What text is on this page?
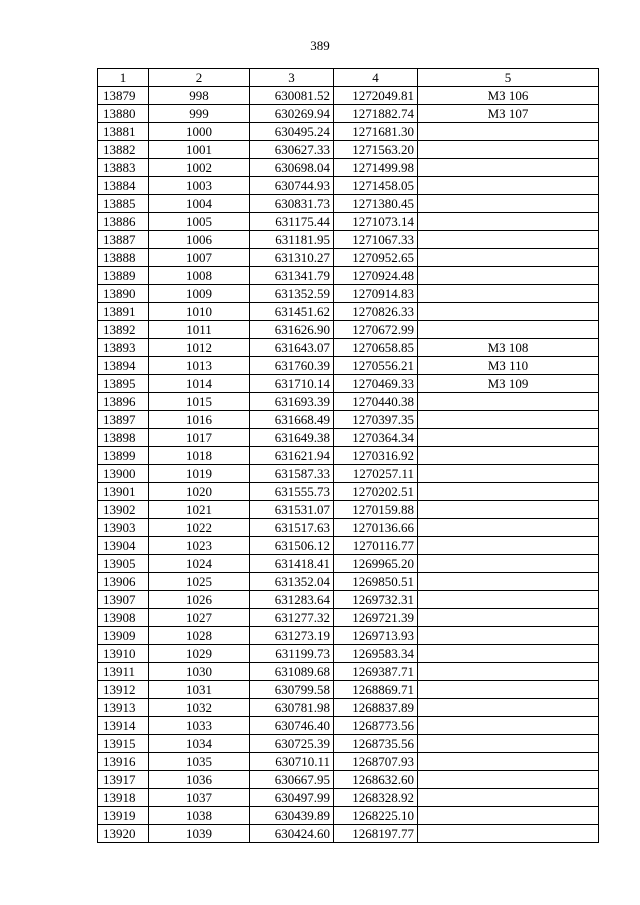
389
1	2	3	4	5
13879	998	630081.52	1272049.81	МЗ 106
13880	999	630269.94	1271882.74	МЗ 107
13881	1000	630495.24	1271681.30	
13882	1001	630627.33	1271563.20	
13883	1002	630698.04	1271499.98	
13884	1003	630744.93	1271458.05	
13885	1004	630831.73	1271380.45	
13886	1005	631175.44	1271073.14	
13887	1006	631181.95	1271067.33	
13888	1007	631310.27	1270952.65	
13889	1008	631341.79	1270924.48	
13890	1009	631352.59	1270914.83	
13891	1010	631451.62	1270826.33	
13892	1011	631626.90	1270672.99	
13893	1012	631643.07	1270658.85	МЗ 108
13894	1013	631760.39	1270556.21	МЗ 110
13895	1014	631710.14	1270469.33	МЗ 109
13896	1015	631693.39	1270440.38	
13897	1016	631668.49	1270397.35	
13898	1017	631649.38	1270364.34	
13899	1018	631621.94	1270316.92	
13900	1019	631587.33	1270257.11	
13901	1020	631555.73	1270202.51	
13902	1021	631531.07	1270159.88	
13903	1022	631517.63	1270136.66	
13904	1023	631506.12	1270116.77	
13905	1024	631418.41	1269965.20	
13906	1025	631352.04	1269850.51	
13907	1026	631283.64	1269732.31	
13908	1027	631277.32	1269721.39	
13909	1028	631273.19	1269713.93	
13910	1029	631199.73	1269583.34	
13911	1030	631089.68	1269387.71	
13912	1031	630799.58	1268869.71	
13913	1032	630781.98	1268837.89	
13914	1033	630746.40	1268773.56	
13915	1034	630725.39	1268735.56	
13916	1035	630710.11	1268707.93	
13917	1036	630667.95	1268632.60	
13918	1037	630497.99	1268328.92	
13919	1038	630439.89	1268225.10	
13920	1039	630424.60	1268197.77	
